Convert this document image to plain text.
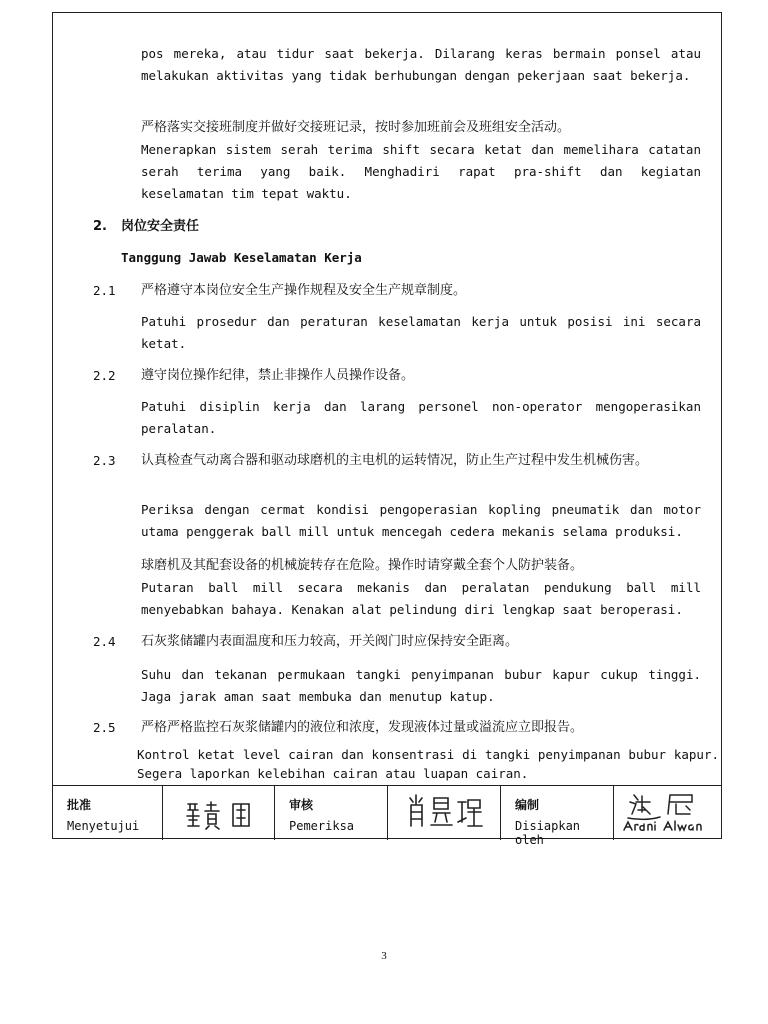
pos mereka, atau tidur saat bekerja. Dilarang keras bermain ponsel atau melakukan aktivitas yang tidak berhubungan dengan pekerjaan saat bekerja.

严格落实交接班制度并做好交接班记录，按时参加班前会及班组安全活动。

Menerapkan sistem serah terima shift secara ketat dan memelihara catatan serah terima yang baik. Menghadiri rapat pra-shift dan kegiatan keselamatan tim tepat waktu.

2. 岗位安全责任
Tanggung Jawab Keselamatan Kerja
2.1 严格遵守本岗位安全生产操作规程及安全生产规章制度。

Patuhi prosedur dan peraturan keselamatan kerja untuk posisi ini secara ketat.

2.2 遵守岗位操作纪律，禁止非操作人员操作设备。

Patuhi disiplin kerja dan larang personel non-operator mengoperasikan peralatan.

2.3 认真检查气动离合器和驱动球磨机的主电机的运转情况，防止生产过程中发生机械伤害。

Periksa dengan cermat kondisi pengoperasian kopling pneumatik dan motor utama penggerak ball mill untuk mencegah cedera mekanis selama produksi.

球磨机及其配套设备的机械旋转存在危险。操作时请穿戴全套个人防护装备。

Putaran ball mill secara mekanis dan peralatan pendukung ball mill menyebabkan bahaya. Kenakan alat pelindung diri lengkap saat beroperasi.

2.4 石灰浆储罐内表面温度和压力较高，开关阀门时应保持安全距离。

Suhu dan tekanan permukaan tangki penyimpanan bubur kapur cukup tinggi. Jaga jarak aman saat membuka dan menutup katup.

2.5 严格严格监控石灰浆储罐内的液位和浓度，发现液体过量或溢流应立即报告。

Kontrol ketat level cairan dan konsentrasi di tangki penyimpanan bubur kapur. Segera laporkan kelebihan cairan atau luapan cairan.

批准
Menyetujui
审核
Pemeriksa
编制
Disiapkan oleh
3
